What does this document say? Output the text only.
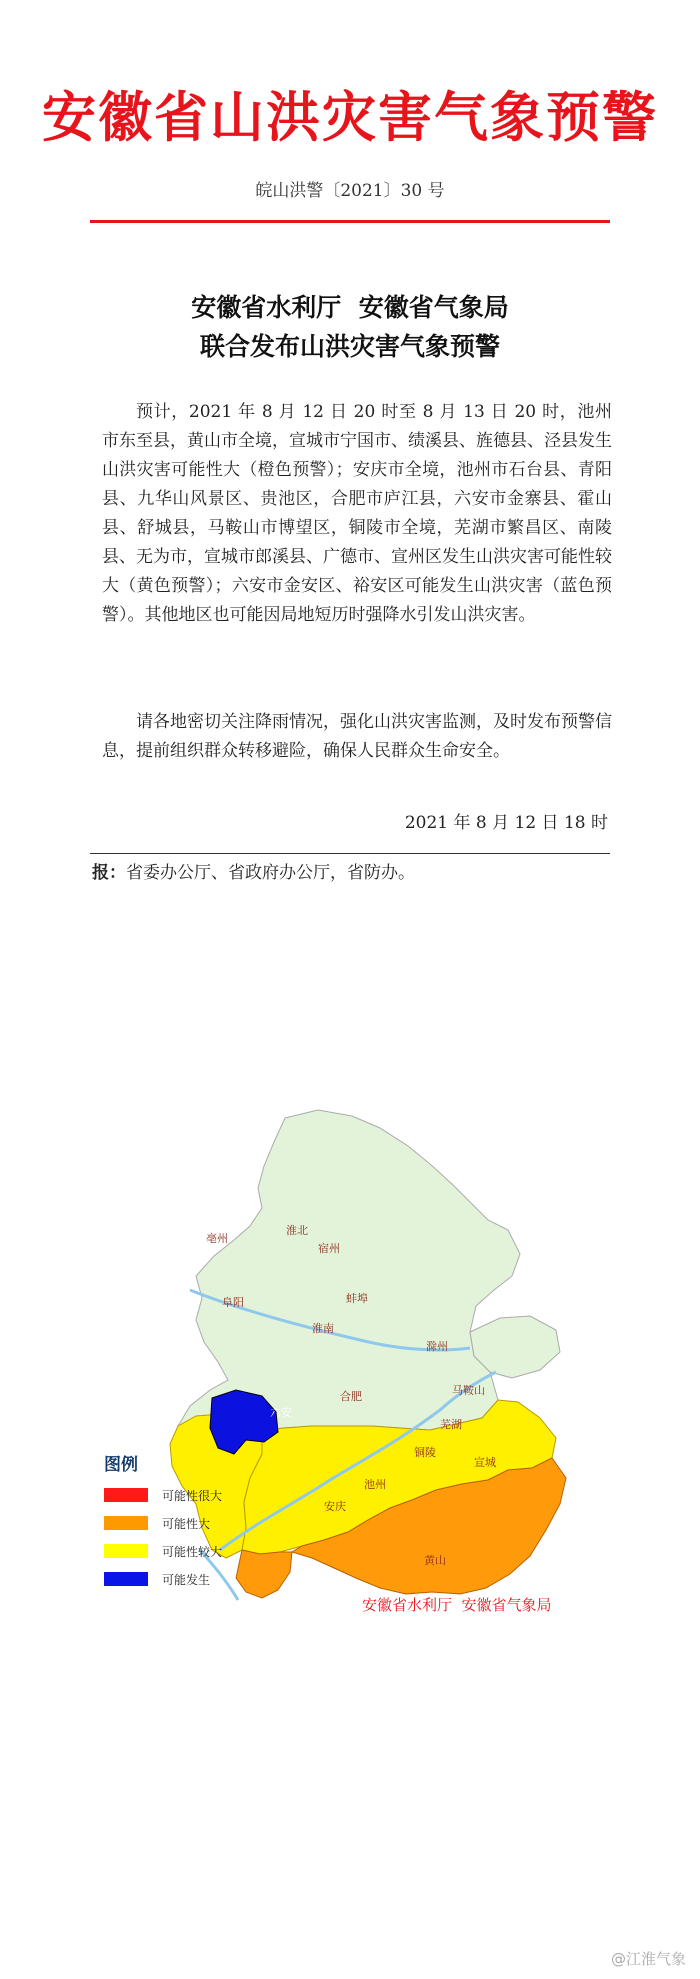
安徽省山洪灾害气象预警
皖山洪警〔2021〕30 号
安徽省水利厅  安徽省气象局
联合发布山洪灾害气象预警

预计，2021 年 8 月 12 日 20 时至 8 月 13 日 20 时，池州市东至县，黄山市全境，宣城市宁国市、绩溪县、旌德县、泾县发生山洪灾害可能性大（橙色预警）；安庆市全境，池州市石台县、青阳县、九华山风景区、贵池区，合肥市庐江县，六安市金寨县、霍山县、舒城县，马鞍山市博望区，铜陵市全境，芜湖市繁昌区、南陵县、无为市，宣城市郎溪县、广德市、宣州区发生山洪灾害可能性较大（黄色预警）；六安市金安区、裕安区可能发生山洪灾害（蓝色预警）。其他地区也可能因局地短历时强降水引发山洪灾害。

请各地密切关注降雨情况，强化山洪灾害监测，及时发布预警信息，提前组织群众转移避险，确保人民群众生命安全。

2021 年 8 月 12 日 18 时
报：省委办公厅、省政府办公厅，省防办。
亳州
淮北
宿州
阜阳	蚌埠
淮南
滁州
合肥	马鞍山
六安
芜湖
宣城
铜陵
池州
安庆
黄山
图例
可能性很大
可能性大
可能性较大
可能发生
安徽省水利厅  安徽省气象局
@江淮气象
